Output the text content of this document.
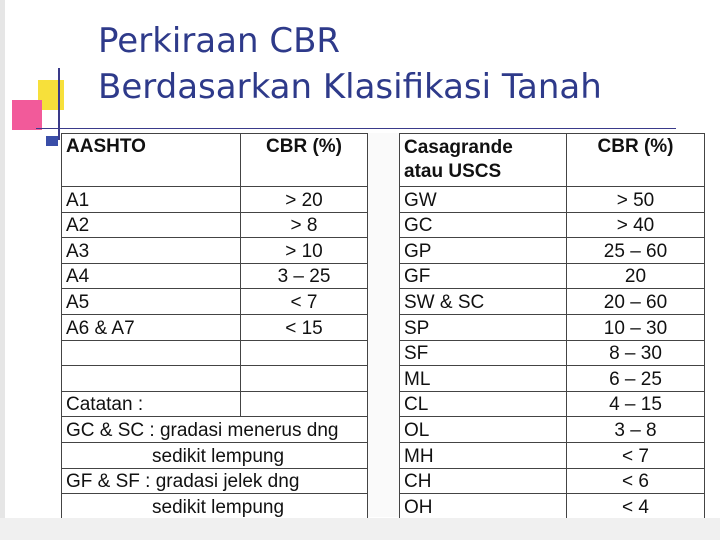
Perkiraan CBR
Berdasarkan Klasifikasi Tanah
AASHTO	CBR (%)

A1	> 20
A2	> 8
A3	> 10
A4	3 – 25
A5	< 7
A6 & A7	< 15

Catatan :	
GC & SC : gradasi menerus dng	
sedikit lempung	
GF & SF : gradasi jelek dng	
sedikit lempung	
Casagrande
atau USCS	CBR (%)
GW	> 50
GC	> 40
GP	25 – 60
GF	20
SW & SC	20 – 60
SP	10 – 30
SF	8 – 30
ML	6 – 25
CL	4 – 15
OL	3 – 8
MH	< 7
CH	< 6
OH	< 4
